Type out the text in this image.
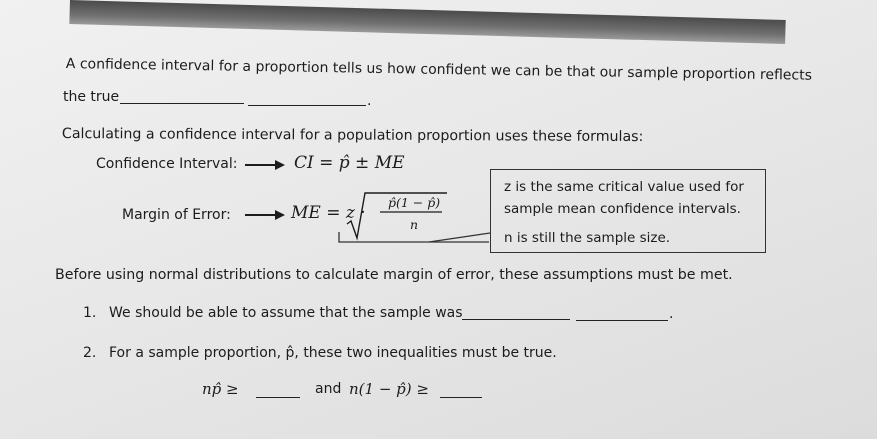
A confidence interval for a proportion tells us how confident we can be that our sample proportion reflects
the true	.
Calculating a confidence interval for a population proportion uses these formulas:
Confidence Interval:	CI = p̂ ± ME
Margin of Error:	ME = z ·
p̂(1 − p̂)
n
z is the same critical value used for
sample mean confidence intervals.
n is still the sample size.
Before using normal distributions to calculate margin of error, these assumptions must be met.
1. We should be able to assume that the sample was	.
2. For a sample proportion, p̂, these two inequalities must be true.
np̂ ≥	and n(1 − p̂) ≥
